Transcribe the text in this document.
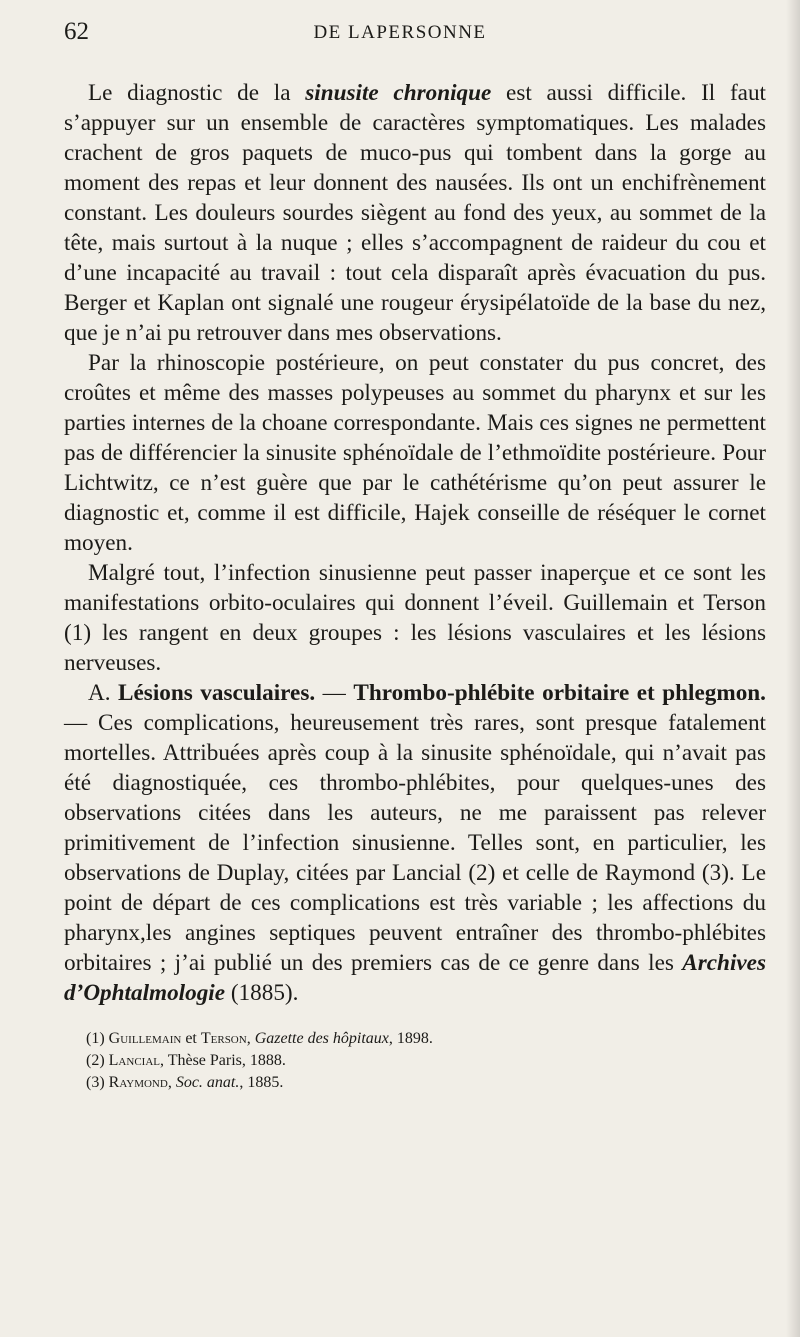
62	DE LAPERSONNE

Le diagnostic de la sinusite chronique est aussi difficile. Il faut s’appuyer sur un ensemble de caractères symptomatiques. Les malades crachent de gros paquets de muco-pus qui tombent dans la gorge au moment des repas et leur donnent des nausées. Ils ont un enchifrènement constant. Les douleurs sourdes siègent au fond des yeux, au sommet de la tête, mais surtout à la nuque ; elles s’accompagnent de raideur du cou et d’une incapacité au travail : tout cela disparaît après évacuation du pus. Berger et Kaplan ont signalé une rougeur érysipélatoïde de la base du nez, que je n’ai pu retrouver dans mes observations.

Par la rhinoscopie postérieure, on peut constater du pus concret, des croûtes et même des masses polypeuses au sommet du pharynx et sur les parties internes de la choane correspondante. Mais ces signes ne permettent pas de différencier la sinusite sphénoïdale de l’ethmoïdite postérieure. Pour Lichtwitz, ce n’est guère que par le cathétérisme qu’on peut assurer le diagnostic et, comme il est difficile, Hajek conseille de réséquer le cornet moyen.

Malgré tout, l’infection sinusienne peut passer inaperçue et ce sont les manifestations orbito-oculaires qui donnent l’éveil. Guillemain et Terson (1) les rangent en deux groupes : les lésions vasculaires et les lésions nerveuses.

A. Lésions vasculaires. — Thrombo-phlébite orbitaire et phlegmon. — Ces complications, heureusement très rares, sont presque fatalement mortelles. Attribuées après coup à la sinusite sphénoïdale, qui n’avait pas été diagnostiquée, ces thrombo-phlébites, pour quelques-unes des observations citées dans les auteurs, ne me paraissent pas relever primitivement de l’infection sinusienne. Telles sont, en particulier, les observations de Duplay, citées par Lancial (2) et celle de Raymond (3). Le point de départ de ces complications est très variable ; les affections du pharynx,les angines septiques peuvent entraîner des thrombo-phlébites orbitaires ; j’ai publié un des premiers cas de ce genre dans les Archives d’Ophtalmologie (1885).

(1) Guillemain et Terson, Gazette des hôpitaux, 1898.

(2) Lancial, Thèse Paris, 1888.

(3) Raymond, Soc. anat., 1885.
